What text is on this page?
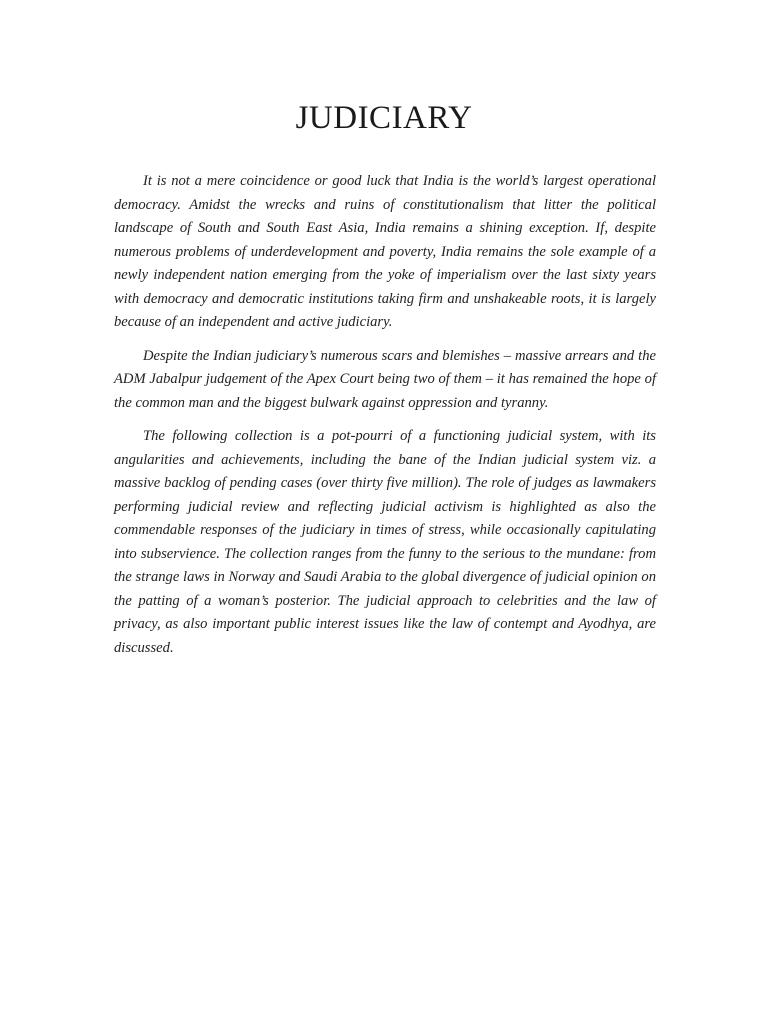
JUDICIARY

It is not a mere coincidence or good luck that India is the world’s largest operational democracy. Amidst the wrecks and ruins of constitutionalism that litter the political landscape of South and South East Asia, India remains a shining exception. If, despite numerous problems of underdevelopment and poverty, India remains the sole example of a newly independent nation emerging from the yoke of imperialism over the last sixty years with democracy and democratic institutions taking firm and unshakeable roots, it is largely because of an independent and active judiciary.

Despite the Indian judiciary’s numerous scars and blemishes – massive arrears and the ADM Jabalpur judgement of the Apex Court being two of them – it has remained the hope of the common man and the biggest bulwark against oppression and tyranny.

The following collection is a pot-pourri of a functioning judicial system, with its angularities and achievements, including the bane of the Indian judicial system viz. a massive backlog of pending cases (over thirty five million). The role of judges as lawmakers performing judicial review and reflecting judicial activism is highlighted as also the commendable responses of the judiciary in times of stress, while occasionally capitulating into subservience. The collection ranges from the funny to the serious to the mundane: from the strange laws in Norway and Saudi Arabia to the global divergence of judicial opinion on the patting of a woman’s posterior. The judicial approach to celebrities and the law of privacy, as also important public interest issues like the law of contempt and Ayodhya, are discussed.
